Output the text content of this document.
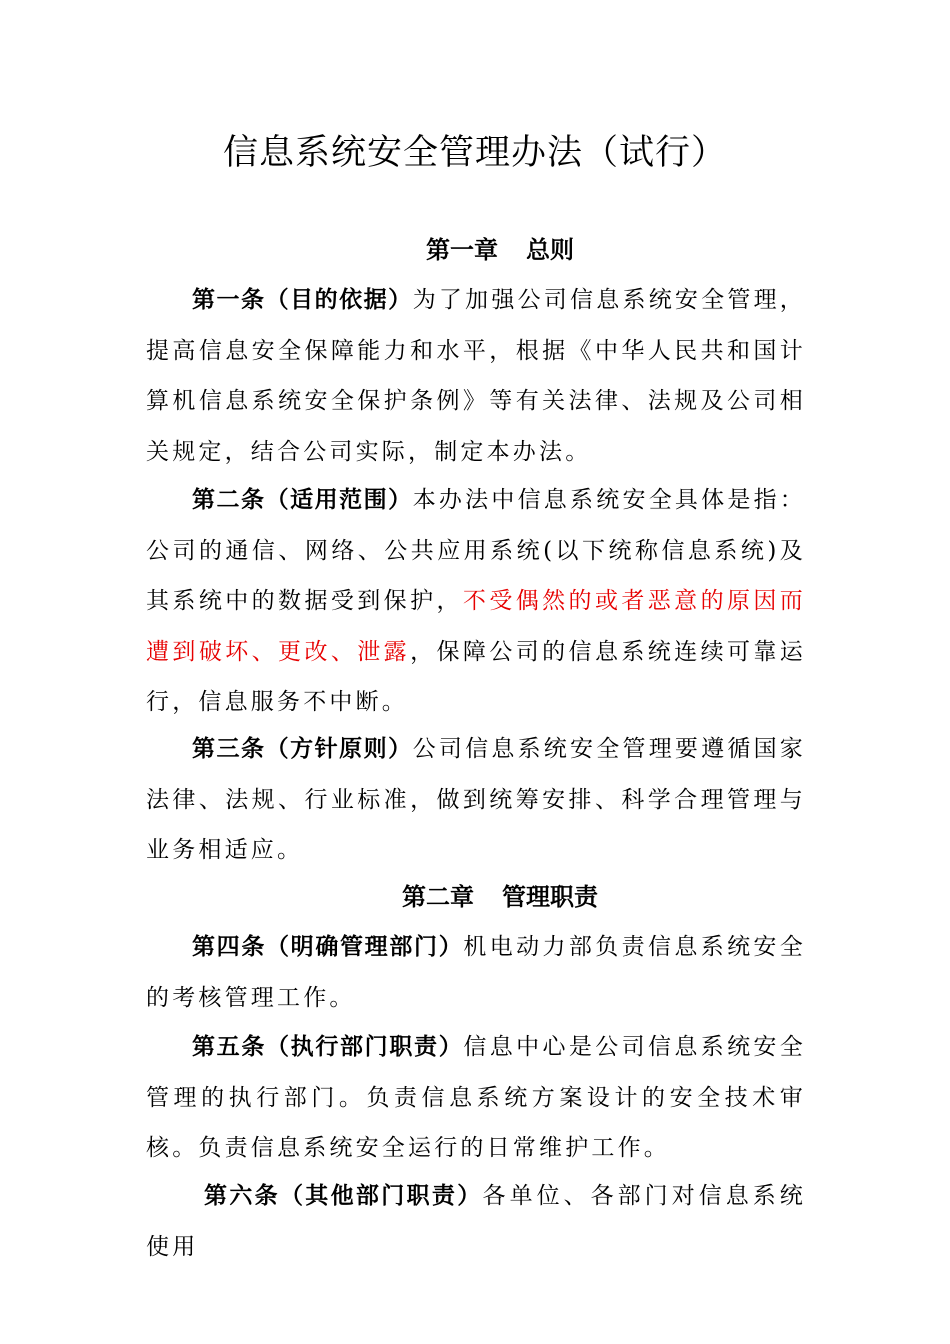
信息系统安全管理办法（试行）
第一章 总则

第一条（目的依据）为了加强公司信息系统安全管理，提高信息安全保障能力和水平，根据《中华人民共和国计算机信息系统安全保护条例》等有关法律、法规及公司相关规定，结合公司实际，制定本办法。

第二条（适用范围）本办法中信息系统安全具体是指：公司的通信、网络、公共应用系统(以下统称信息系统)及其系统中的数据受到保护，不受偶然的或者恶意的原因而遭到破坏、更改、泄露，保障公司的信息系统连续可靠运行，信息服务不中断。

第三条（方针原则）公司信息系统安全管理要遵循国家法律、法规、行业标准，做到统筹安排、科学合理管理与业务相适应。

第二章 管理职责

第四条（明确管理部门）机电动力部负责信息系统安全的考核管理工作。

第五条（执行部门职责）信息中心是公司信息系统安全管理的执行部门。负责信息系统方案设计的安全技术审核。负责信息系统安全运行的日常维护工作。

第六条（其他部门职责）各单位、各部门对信息系统使用
